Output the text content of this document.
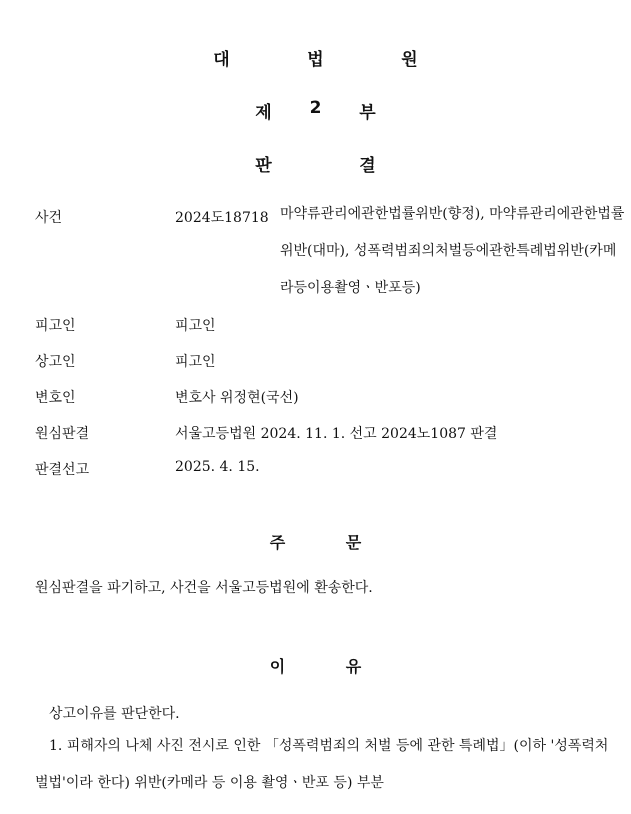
대	법	원
제	2	부
판	결
사건	2024도18718 마약류관리에관한법률위반(향정), 마약류관리에관한법률위반(대마), 성폭력범죄의처벌등에관한특례법위반(카메라등이용촬영ㆍ반포등)
피고인	피고인
상고인	피고인
변호인	변호사 위정현(국선)
원심판결	서울고등법원 2024. 11. 1. 선고 2024노1087 판결
판결선고	2025. 4. 15.
주	문
원심판결을 파기하고, 사건을 서울고등법원에 환송한다.
이	유
상고이유를 판단한다.
1. 피해자의 나체 사진 전시로 인한 「성폭력범죄의 처벌 등에 관한 특례법」(이하 '성폭력처벌법'이라 한다) 위반(카메라 등 이용 촬영ㆍ반포 등) 부분
